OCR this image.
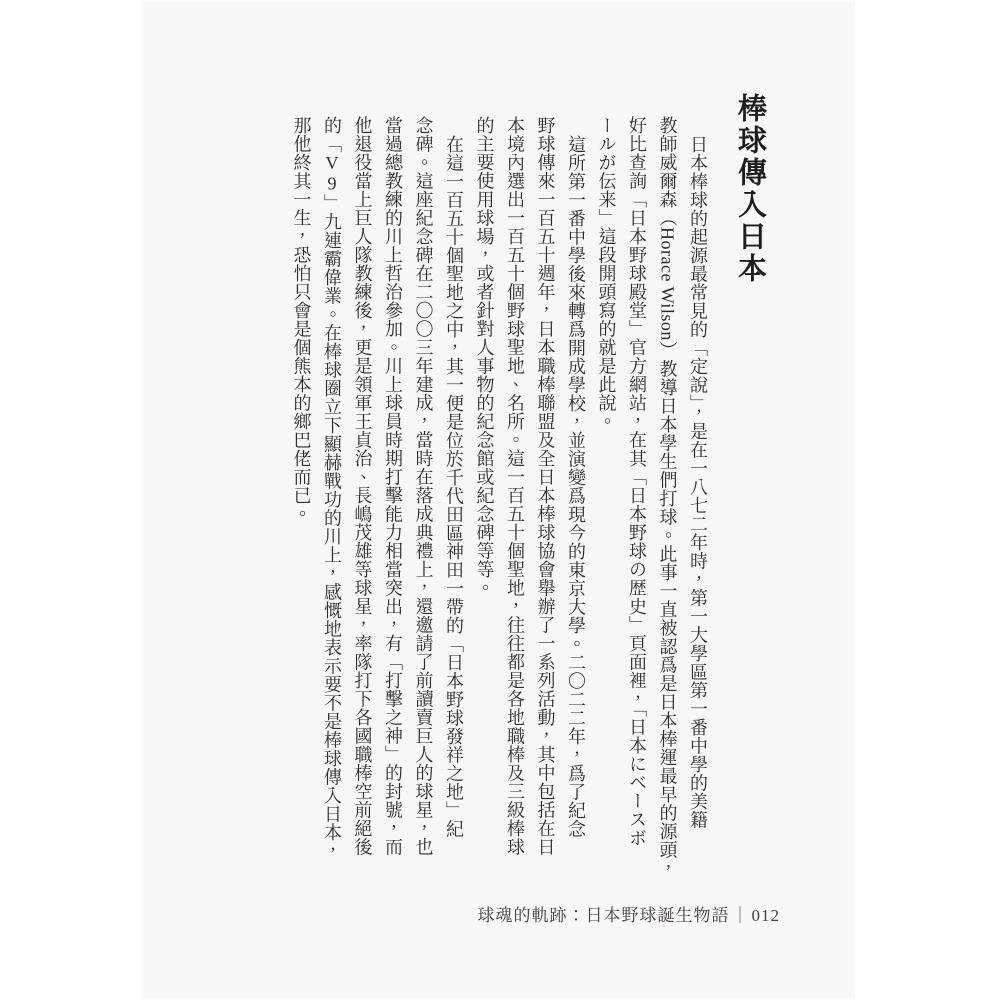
棒球傳入日本
日本棒球的起源最常見的「定說」，是在一八七二年時，第一大學區第一番中學的美籍
教師威爾森（Horace Wilson）教導日本學生們打球。此事一直被認爲是日本棒運最早的源頭，
好比查詢「日本野球殿堂」官方網站，在其「日本野球の歴史」頁面裡，「日本にベースボ
ールが伝来」這段開頭寫的就是此說。
這所第一番中學後來轉爲開成學校，並演變爲現今的東京大學。二〇二二年，爲了紀念
野球傳來一百五十週年，日本職棒聯盟及全日本棒球協會舉辦了一系列活動，其中包括在日
本境內選出一百五十個野球聖地、名所。這一百五十個聖地，往往都是各地職棒及三級棒球
的主要使用球場，或者針對人事物的紀念館或紀念碑等等。
在這一百五十個聖地之中，其一便是位於千代田區神田一帶的「日本野球發祥之地」紀
念碑。這座紀念碑在二〇〇三年建成，當時在落成典禮上，還邀請了前讀賣巨人的球星，也
當過總教練的川上哲治參加。川上球員時期打擊能力相當突出，有「打擊之神」的封號，而
他退役當上巨人隊教練後，更是領軍王貞治、長嶋茂雄等球星，率隊打下各國職棒空前絕後
的「V9」九連霸偉業。在棒球圈立下顯赫戰功的川上，感慨地表示要不是棒球傳入日本，
那他終其一生，恐怕只會是個熊本的鄉巴佬而已。
球魂的軌跡：日本野球誕生物語 ｜ 012
